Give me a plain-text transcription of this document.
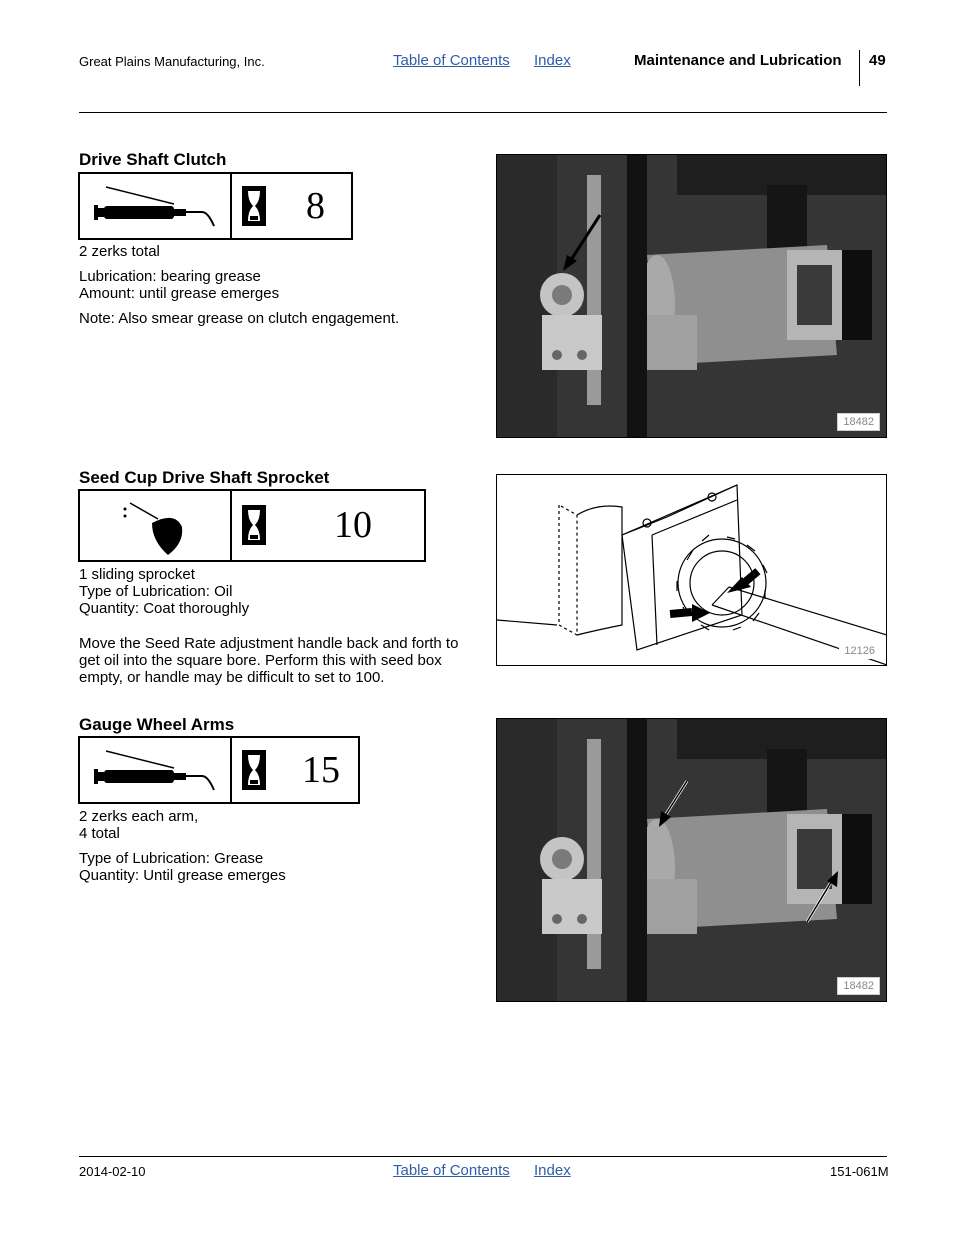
Great Plains Manufacturing, Inc.	Table of Contents Index	Maintenance and Lubrication 49
Drive Shaft Clutch
8

2 zerks total

Lubrication: bearing grease

Amount: until grease emerges

Note: Also smear grease on clutch engagement.

18482
Seed Cup Drive Shaft Sprocket
10

1 sliding sprocket

Type of Lubrication: Oil

Quantity: Coat thoroughly

Move the Seed Rate adjustment handle back and forth to

get oil into the square bore. Perform this with seed box

empty, or handle may be difficult to set to 100.

12126
Gauge Wheel Arms
15

2 zerks each arm,

4 total

Type of Lubrication: Grease

Quantity: Until grease emerges

18482
2014-02-10	Table of Contents Index	151-061M
